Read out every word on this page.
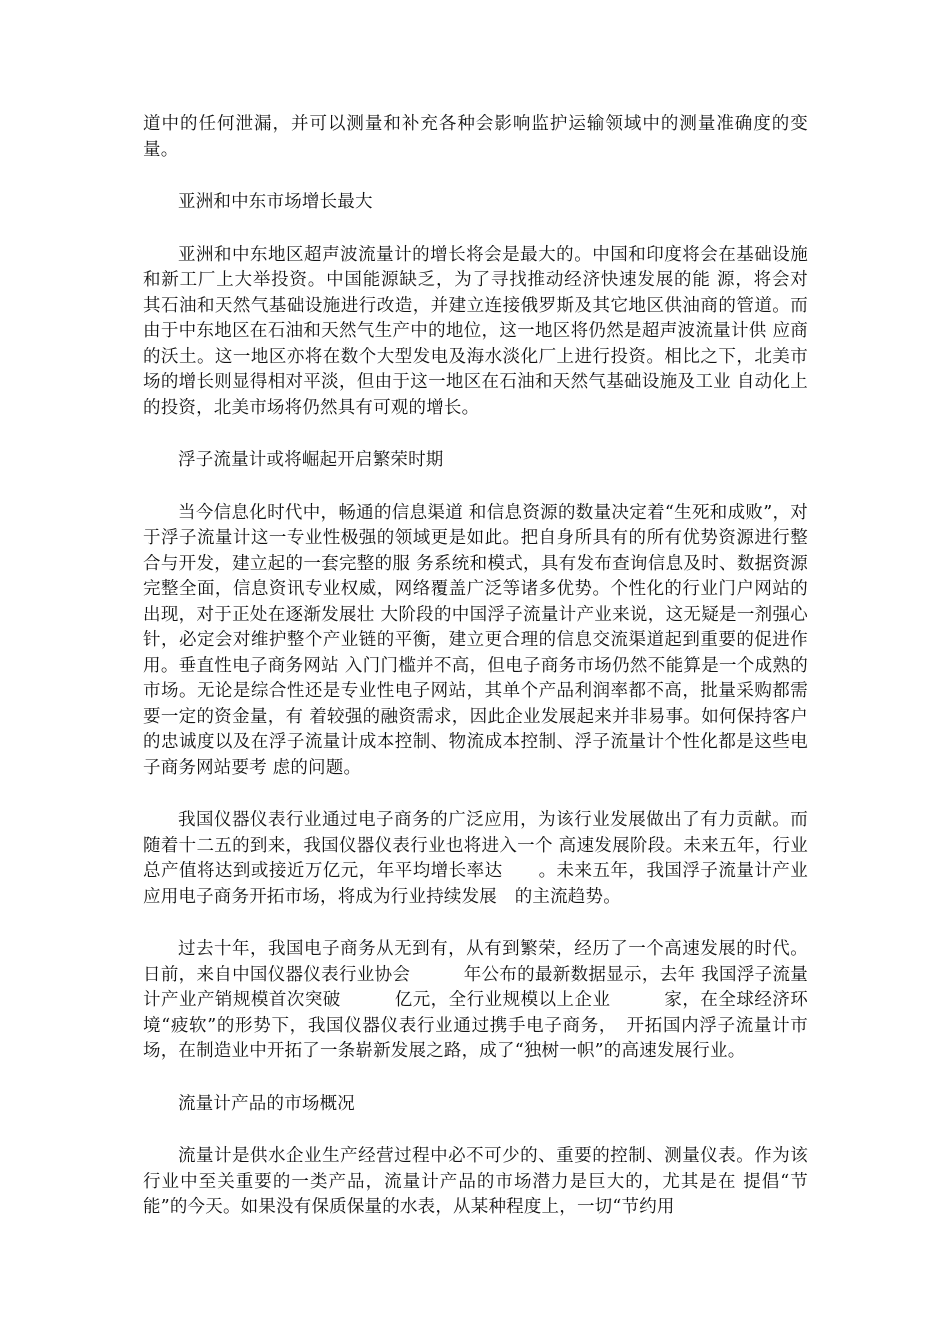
道中的任何泄漏，并可以测量和补充各种会影响监护运输领域中的测量准确度的变量。

亚洲和中东市场增长最大

亚洲和中东地区超声波流量计的增长将会是最大的。中国和印度将会在基础设施和新工厂上大举投资。中国能源缺乏，为了寻找推动经济快速发展的能 源，将会对 其石油和天然气基础设施进行改造，并建立连接俄罗斯及其它地区供油商的管道。而由于中东地区在石油和天然气生产中的地位，这一地区将仍然是超声波流量计供 应商的沃土。这一地区亦将在数个大型发电及海水淡化厂上进行投资。相比之下，北美市场的增长则显得相对平淡，但由于这一地区在石油和天然气基础设施及工业 自动化上的投资，北美市场将仍然具有可观的增长。

浮子流量计或将崛起开启繁荣时期

当今信息化时代中，畅通的信息渠道 和信息资源的数量决定着“生死和成败”，对于浮子流量计这一专业性极强的领域更是如此。把自身所具有的所有优势资源进行整合与开发，建立起的一套完整的服 务系统和模式，具有发布查询信息及时、数据资源完整全面，信息资讯专业权威，网络覆盖广泛等诸多优势。个性化的行业门户网站的出现，对于正处在逐渐发展壮 大阶段的中国浮子流量计产业来说，这无疑是一剂强心针，必定会对维护整个产业链的平衡，建立更合理的信息交流渠道起到重要的促进作用。垂直性电子商务网站 入门门槛并不高，但电子商务市场仍然不能算是一个成熟的市场。无论是综合性还是专业性电子网站，其单个产品利润率都不高，批量采购都需要一定的资金量，有 着较强的融资需求，因此企业发展起来并非易事。如何保持客户的忠诚度以及在浮子流量计成本控制、物流成本控制、浮子流量计个性化都是这些电子商务网站要考 虑的问题。

我国仪器仪表行业通过电子商务的广泛应用，为该行业发展做出了有力贡献。而随着十二五的到来，我国仪器仪表行业也将进入一个 高速发展阶段。未来五年，行业总产值将达到或接近万亿元，年平均增长率达　　。未来五年，我国浮子流量计产业应用电子商务开拓市场，将成为行业持续发展　的主流趋势。

过去十年，我国电子商务从无到有，从有到繁荣，经历了一个高速发展的时代。日前，来自中国仪器仪表行业协会　　　年公布的最新数据显示，去年 我国浮子流量计产业产销规模首次突破　　　亿元，全行业规模以上企业　　　家，在全球经济环境“疲软”的形势下，我国仪器仪表行业通过携手电子商务，　开拓国内浮子流量计市场，在制造业中开拓了一条崭新发展之路，成了“独树一帜”的高速发展行业。

流量计产品的市场概况

流量计是供水企业生产经营过程中必不可少的、重要的控制、测量仪表。作为该行业中至关重要的一类产品，流量计产品的市场潜力是巨大的，尤其是在 提倡“节 能”的今天。如果没有保质保量的水表，从某种程度上，一切“节约用
